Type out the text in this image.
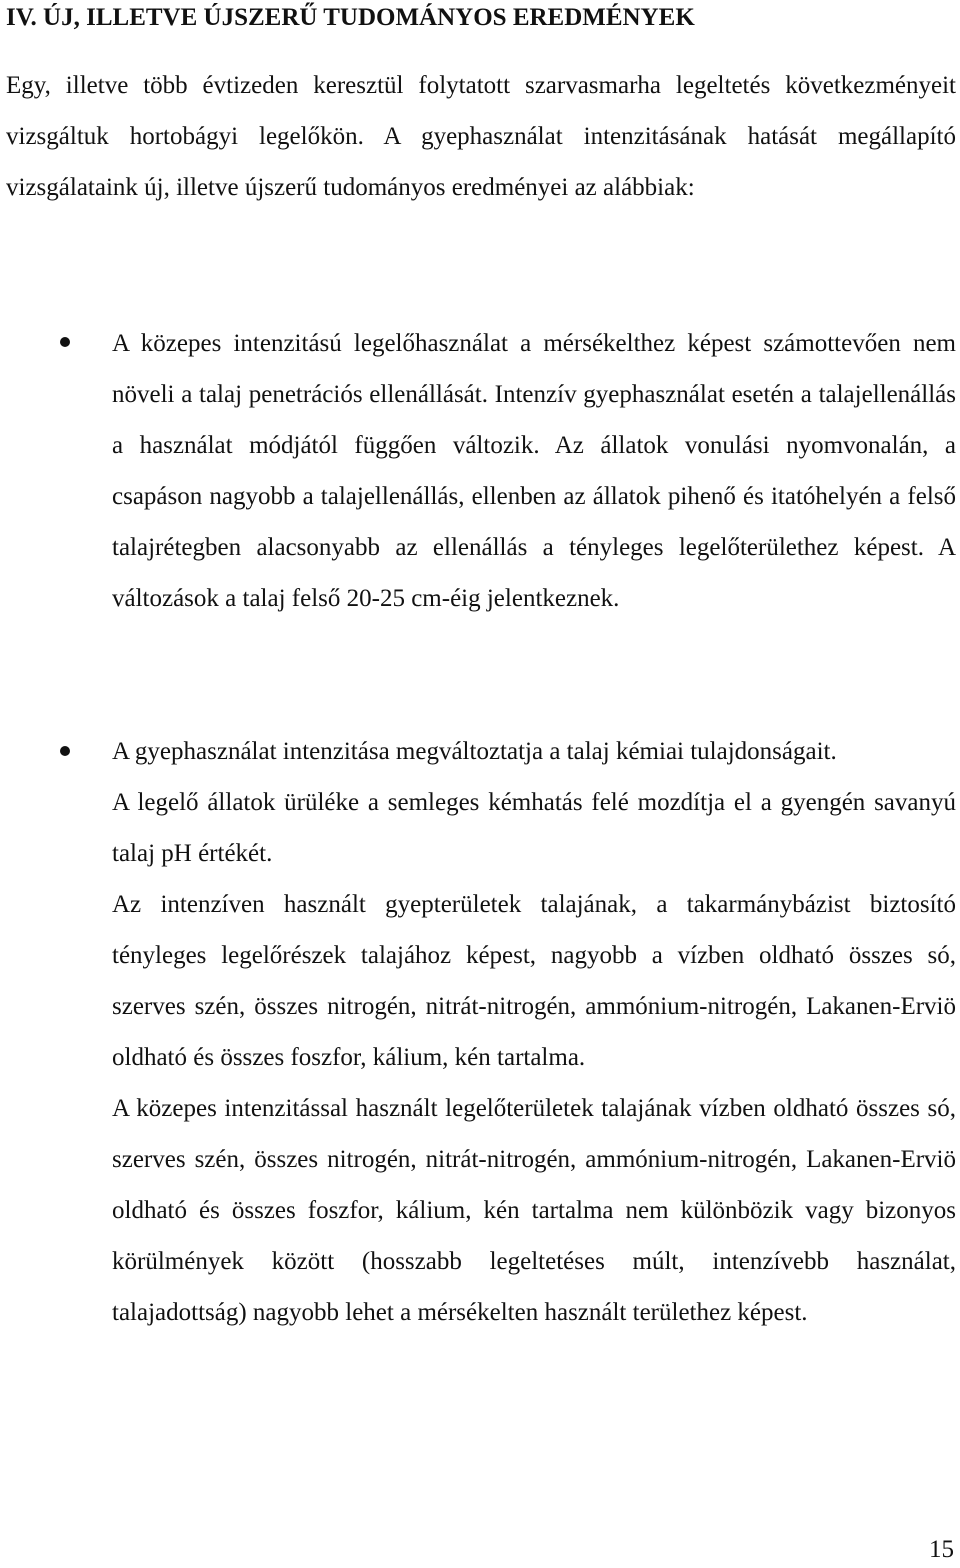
IV. ÚJ, ILLETVE ÚJSZERŰ TUDOMÁNYOS EREDMÉNYEK

Egy, illetve több évtizeden keresztül folytatott szarvasmarha legeltetés következményeit vizsgáltuk hortobágyi legelőkön. A gyephasználat intenzitásának hatását megállapító vizsgálataink új, illetve újszerű tudományos eredményei az alábbiak:

A közepes intenzitású legelőhasználat a mérsékelthez képest számottevően nem növeli a talaj penetrációs ellenállását. Intenzív gyephasználat esetén a talajellenállás a használat módjától függően változik. Az állatok vonulási nyomvonalán, a csapáson nagyobb a talajellenállás, ellenben az állatok pihenő és itatóhelyén a felső talajrétegben alacsonyabb az ellenállás a tényleges legelőterülethez képest. A változások a talaj felső 20-25 cm-éig jelentkeznek.

A gyephasználat intenzitása megváltoztatja a talaj kémiai tulajdonságait.

A legelő állatok ürüléke a semleges kémhatás felé mozdítja el a gyengén savanyú talaj pH értékét.

Az intenzíven használt gyepterületek talajának, a takarmánybázist biztosító tényleges legelőrészek talajához képest, nagyobb a vízben oldható összes só, szerves szén, összes nitrogén, nitrát-nitrogén, ammónium-nitrogén, Lakanen-Erviö oldható és összes foszfor, kálium, kén tartalma.

A közepes intenzitással használt legelőterületek talajának vízben oldható összes só, szerves szén, összes nitrogén, nitrát-nitrogén, ammónium-nitrogén, Lakanen-Erviö oldható és összes foszfor, kálium, kén tartalma nem különbözik vagy bizonyos körülmények között (hosszabb legeltetéses múlt, intenzívebb használat, talajadottság) nagyobb lehet a mérsékelten használt területhez képest.

15
